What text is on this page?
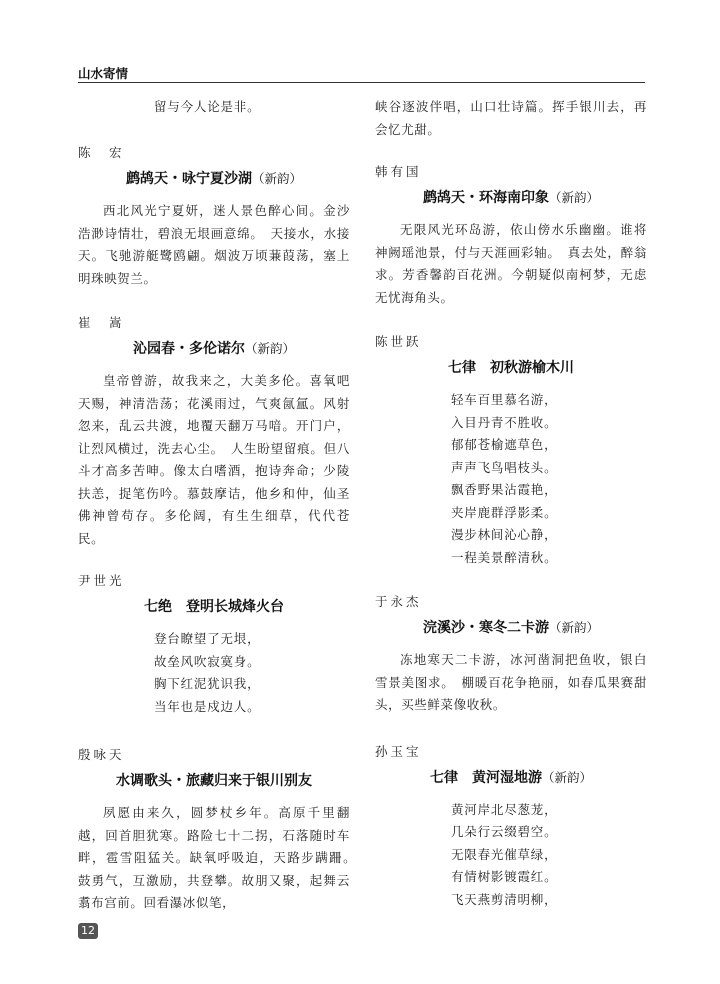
山水寄情

留与今人论是非。

陈　宏

鹧鸪天・咏宁夏沙湖（新韵）

西北风光宁夏妍，迷人景色醉心间。金沙浩渺诗情壮，碧浪无垠画意绵。　天接水，水接天。飞驰游艇鹭鸥翩。烟波万顷蒹葭荡，塞上明珠映贺兰。

崔　嵩

沁园春・多伦诺尔（新韵）

皇帝曾游，故我来之，大美多伦。喜氧吧天赐，神清浩荡；花溪雨过，气爽氤氲。风射忽来，乱云共渡，地覆天翻万马喑。开门户，让烈风横过，洗去心尘。　人生盼望留痕。但八斗才高多苦呻。像太白嗜酒，抱诗奔命；少陵扶恙，捉笔伤吟。慕鼓摩诘，他乡和仲，仙圣佛神曾苟存。多伦阔，有生生细草，代代苍民。

尹世光

七绝　登明长城烽火台

登台瞭望了无垠，

故垒风吹寂寞身。

胸下红泥犹识我，

当年也是戍边人。

殷咏天

水调歌头・旅藏归来于银川别友

夙愿由来久，圆梦杖乡年。高原千里翻越，回首胆犹寒。路险七十二拐，石落随时车畔，雹雪阻猛关。缺氧呼吸迫，天路步蹒跚。　鼓勇气，互激励，共登攀。故朋又聚，起舞云翥布宫前。回看瀑冰似笔，

峡谷逐波伴唱，山口壮诗篇。挥手银川去，再会忆尤甜。

韩有国

鹧鸪天・环海南印象（新韵）

无限风光环岛游，依山傍水乐幽幽。谁将神阙瑶池景，付与天涯画彩轴。　真去处，醉翁求。芳香馨韵百花洲。今朝疑似南柯梦，无虑无忧海角头。

陈世跃

七律　初秋游榆木川

轻车百里慕名游，

入目丹青不胜收。

郁郁苍榆遮草色，

声声飞鸟唱枝头。

飘香野果沾霞艳，

夹岸鹿群浮影柔。

漫步林间沁心静，

一程美景醉清秋。

于永杰

浣溪沙・寒冬二卡游（新韵）

冻地寒天二卡游，冰河凿洞把鱼收，银白雪景美图求。　棚暖百花争艳丽，如春瓜果赛甜头，买些鲜菜像收秋。

孙玉宝

七律　黄河湿地游（新韵）

黄河岸北尽葱茏，

几朵行云缀碧空。

无限春光催草绿，

有情树影镀霞红。

飞天燕剪清明柳，

12
